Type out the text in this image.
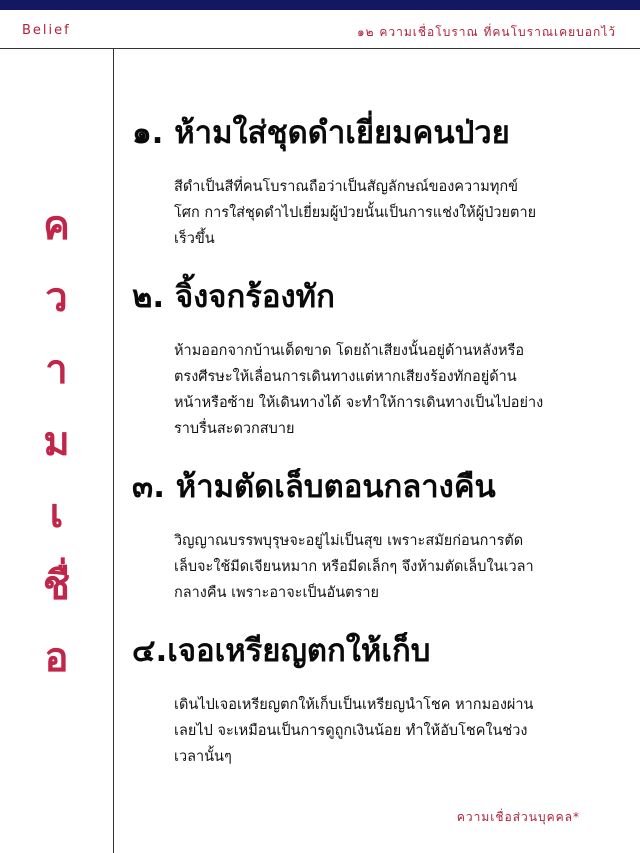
Belief	๑๒ ความเชื่อโบราณ ที่คนโบราณเคยบอกไว้
ค
ว
า
ม
เ
ชื่
อ
๑. ห้ามใส่ชุดดำเยี่ยมคนป่วย
สีดำเป็นสีที่คนโบราณถือว่าเป็นสัญลักษณ์ของความทุกข์
โศก การใส่ชุดดำไปเยี่ยมผู้ป่วยนั้นเป็นการแช่งให้ผู้ป่วยตาย
เร็วขึ้น
๒. จิ้งจกร้องทัก
ห้ามออกจากบ้านเด็ดขาด โดยถ้าเสียงนั้นอยู่ด้านหลังหรือ
ตรงศีรษะให้เลื่อนการเดินทางแต่หากเสียงร้องทักอยู่ด้าน
หน้าหรือซ้าย ให้เดินทางได้ จะทำให้การเดินทางเป็นไปอย่าง
ราบรื่นสะดวกสบาย
๓. ห้ามตัดเล็บตอนกลางคืน
วิญญาณบรรพบุรุษจะอยู่ไม่เป็นสุข เพราะสมัยก่อนการตัด
เล็บจะใช้มีดเจียนหมาก หรือมีดเล็กๆ จึงห้ามตัดเล็บในเวลา
กลางคืน เพราะอาจะเป็นอันตราย
๔.เจอเหรียญตกให้เก็บ
เดินไปเจอเหรียญตกให้เก็บเป็นเหรียญนำโชค หากมองผ่าน
เลยไป จะเหมือนเป็นการดูถูกเงินน้อย ทำให้อับโชคในช่วง
เวลานั้นๆ
ความเชื่อส่วนบุคคล*
